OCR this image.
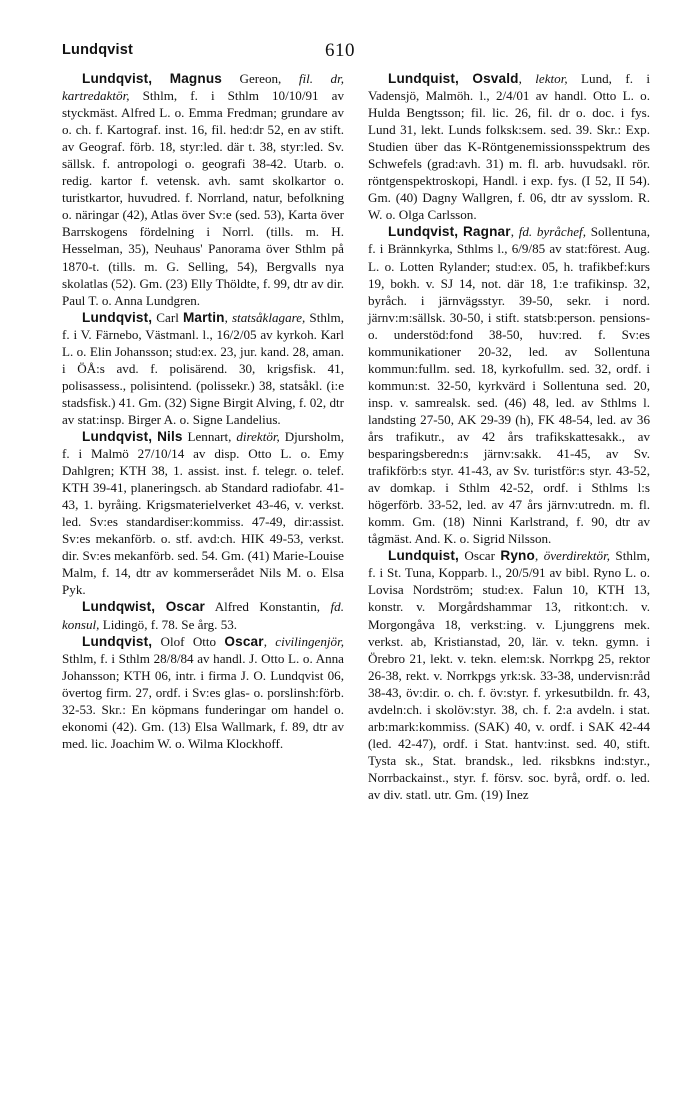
Lundqvist	610

Lundqvist, Magnus Gereon, fil. dr, kartredaktör, Sthlm, f. i Sthlm 10/10/91 av styckmäst. Alfred L. o. Emma Fredman; grundare av o. ch. f. Kartograf. inst. 16, fil. hed:dr 52, en av stift. av Geograf. förb. 18, styr:led. där t. 38, styr:led. Sv. sällsk. f. antropologi o. geografi 38-42. Utarb. o. redig. kartor f. vetensk. avh. samt skolkartor o. turistkartor, huvudred. f. Norrland, natur, befolkning o. näringar (42), Atlas över Sv:e (sed. 53), Karta över Barrskogens fördelning i Norrl. (tills. m. H. Hesselman, 35), Neuhaus' Panorama över Sthlm på 1870-t. (tills. m. G. Selling, 54), Bergvalls nya skolatlas (52). Gm. (23) Elly Thöldte, f. 99, dtr av dir. Paul T. o. Anna Lundgren.

Lundqvist, Carl Martin, statsåklagare, Sthlm, f. i V. Färnebo, Västmanl. l., 16/2/05 av kyrkoh. Karl L. o. Elin Johansson; stud:ex. 23, jur. kand. 28, aman. i ÖÅ:s avd. f. polisärend. 30, krigsfisk. 41, polisassess., polisintend. (polissekr.) 38, statsåkl. (i:e stadsfisk.) 41. Gm. (32) Signe Birgit Alving, f. 02, dtr av stat:insp. Birger A. o. Signe Landelius.

Lundqvist, Nils Lennart, direktör, Djursholm, f. i Malmö 27/10/14 av disp. Otto L. o. Emy Dahlgren; KTH 38, 1. assist. inst. f. telegr. o. telef. KTH 39-41, planeringsch. ab Standard radiofabr. 41-43, 1. byråing. Krigsmaterielverket 43-46, v. verkst. led. Sv:es standardiser:kommiss. 47-49, dir:assist. Sv:es mekanförb. o. stf. avd:ch. HIK 49-53, verkst. dir. Sv:es mekanförb. sed. 54. Gm. (41) Marie-Louise Malm, f. 14, dtr av kommerserådet Nils M. o. Elsa Pyk.

Lundqwist, Oscar Alfred Konstantin, fd. konsul, Lidingö, f. 78. Se årg. 53.

Lundqvist, Olof Otto Oscar, civilingenjör, Sthlm, f. i Sthlm 28/8/84 av handl. J. Otto L. o. Anna Johansson; KTH 06, intr. i firma J. O. Lundqvist 06, övertog firm. 27, ordf. i Sv:es glas- o. porslinsh:förb. 32-53. Skr.: En köpmans funderingar om handel o. ekonomi (42). Gm. (13) Elsa Wallmark, f. 89, dtr av med. lic. Joachim W. o. Wilma Klockhoff.

Lundquist, Osvald, lektor, Lund, f. i Vadensjö, Malmöh. l., 2/4/01 av handl. Otto L. o. Hulda Bengtsson; fil. lic. 26, fil. dr o. doc. i fys. Lund 31, lekt. Lunds folksk:sem. sed. 39. Skr.: Exp. Studien über das K-Röntgenemissionsspektrum des Schwefels (grad:avh. 31) m. fl. arb. huvudsakl. rör. röntgenspektroskopi, Handl. i exp. fys. (I 52, II 54). Gm. (40) Dagny Wallgren, f. 06, dtr av sysslom. R. W. o. Olga Carlsson.

Lundqvist, Ragnar, fd. byråchef, Sollentuna, f. i Brännkyrka, Sthlms l., 6/9/85 av stat:förest. Aug. L. o. Lotten Rylander; stud:ex. 05, h. trafikbef:kurs 19, bokh. v. SJ 14, not. där 18, 1:e trafikinsp. 32, byråch. i järnvägsstyr. 39-50, sekr. i nord. järnv:m:sällsk. 30-50, i stift. statsb:person. pensions- o. understöd:fond 38-50, huv:red. f. Sv:es kommunikationer 20-32, led. av Sollentuna kommun:fullm. sed. 18, kyrkofullm. sed. 32, ordf. i kommun:st. 32-50, kyrkvärd i Sollentuna sed. 20, insp. v. samrealsk. sed. (46) 48, led. av Sthlms l. landsting 27-50, AK 29-39 (h), FK 48-54, led. av 36 års trafikutr., av 42 års trafikskattesakk., av besparingsberedn:s järnv:sakk. 41-45, av Sv. trafikförb:s styr. 41-43, av Sv. turistför:s styr. 43-52, av domkap. i Sthlm 42-52, ordf. i Sthlms l:s högerförb. 33-52, led. av 47 års järnv:utredn. m. fl. komm. Gm. (18) Ninni Karlstrand, f. 90, dtr av tågmäst. And. K. o. Sigrid Nilsson.

Lundquist, Oscar Ryno, överdirektör, Sthlm, f. i St. Tuna, Kopparb. l., 20/5/91 av bibl. Ryno L. o. Lovisa Nordström; stud:ex. Falun 10, KTH 13, konstr. v. Morgårdshammar 13, ritkont:ch. v. Morgongåva 18, verkst:ing. v. Ljunggrens mek. verkst. ab, Kristianstad, 20, lär. v. tekn. gymn. i Örebro 21, lekt. v. tekn. elem:sk. Norrkpg 25, rektor 26-38, rekt. v. Norrkpgs yrk:sk. 33-38, undervisn:råd 38-43, öv:dir. o. ch. f. öv:styr. f. yrkesutbildn. fr. 43, avdeln:ch. i skolöv:styr. 38, ch. f. 2:a avdeln. i stat. arb:mark:kommiss. (SAK) 40, v. ordf. i SAK 42-44 (led. 42-47), ordf. i Stat. hantv:inst. sed. 40, stift. Tysta sk., Stat. brandsk., led. riksbkns ind:styr., Norrbackainst., styr. f. försv. soc. byrå, ordf. o. led. av div. statl. utr. Gm. (19) Inez
